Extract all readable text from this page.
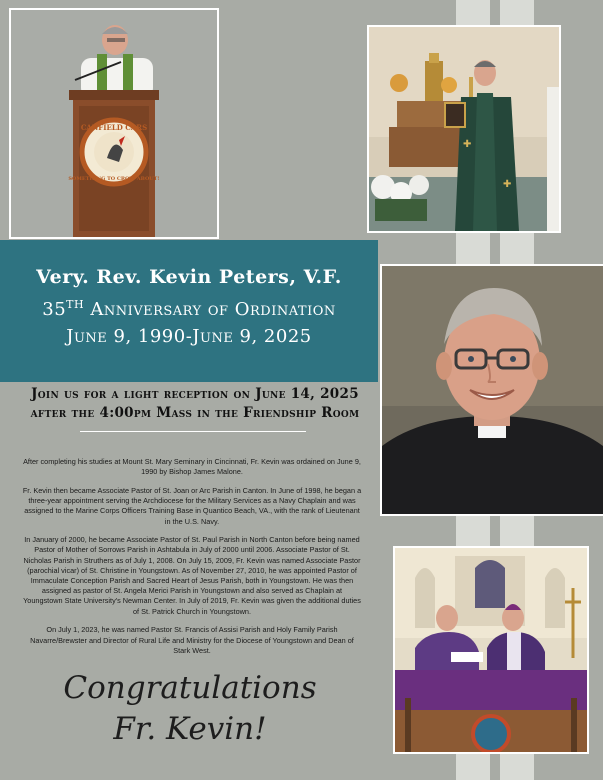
CANFIELD CARS
SOMETHING TO CROW ABOUT!
✚
✚
Very. Rev. Kevin Peters, V.F.
35TH Anniversary of Ordination
June 9, 1990-June 9, 2025
Join us for a light reception on June 14, 2025
after the 4:00pm Mass in the Friendship Room

After completing his studies at Mount St. Mary Seminary in Cincinnati, Fr. Kevin was ordained on June 9, 1990 by Bishop James Malone.

Fr. Kevin then became Associate Pastor of St. Joan or Arc Parish in Canton. In June of 1998, he began a three-year appointment serving the Archdiocese for the Military Services as a Navy Chaplain and was assigned to the Marine Corps Officers Training Base in Quantico Beach, VA., with the rank of Lieutenant in the U.S. Navy.

In January of 2000, he became Associate Pastor of St. Paul Parish in North Canton before being named Pastor of Mother of Sorrows Parish in Ashtabula in July of 2000 until 2006. Associate Pastor of St. Nicholas Parish in Struthers as of July 1, 2008. On July 15, 2009, Fr. Kevin was named Associate Pastor (parochial vicar) of St. Christine in Youngstown. As of November 27, 2010, he was appointed Pastor of Immaculate Conception Parish and Sacred Heart of Jesus Parish, both in Youngstown. He was then assigned as pastor of St. Angela Merici Parish in Youngstown and also served as Chaplain at Youngstown State University's Newman Center. In July of 2019, Fr. Kevin was given the additional duties of St. Patrick Church in Youngstown.

On July 1, 2023, he was named Pastor St. Francis of Assisi Parish and Holy Family Parish Navarre/Brewster and Director of Rural Life and Ministry for the Diocese of Youngstown and Dean of Stark West.

Congratulations
Fr. Kevin!
